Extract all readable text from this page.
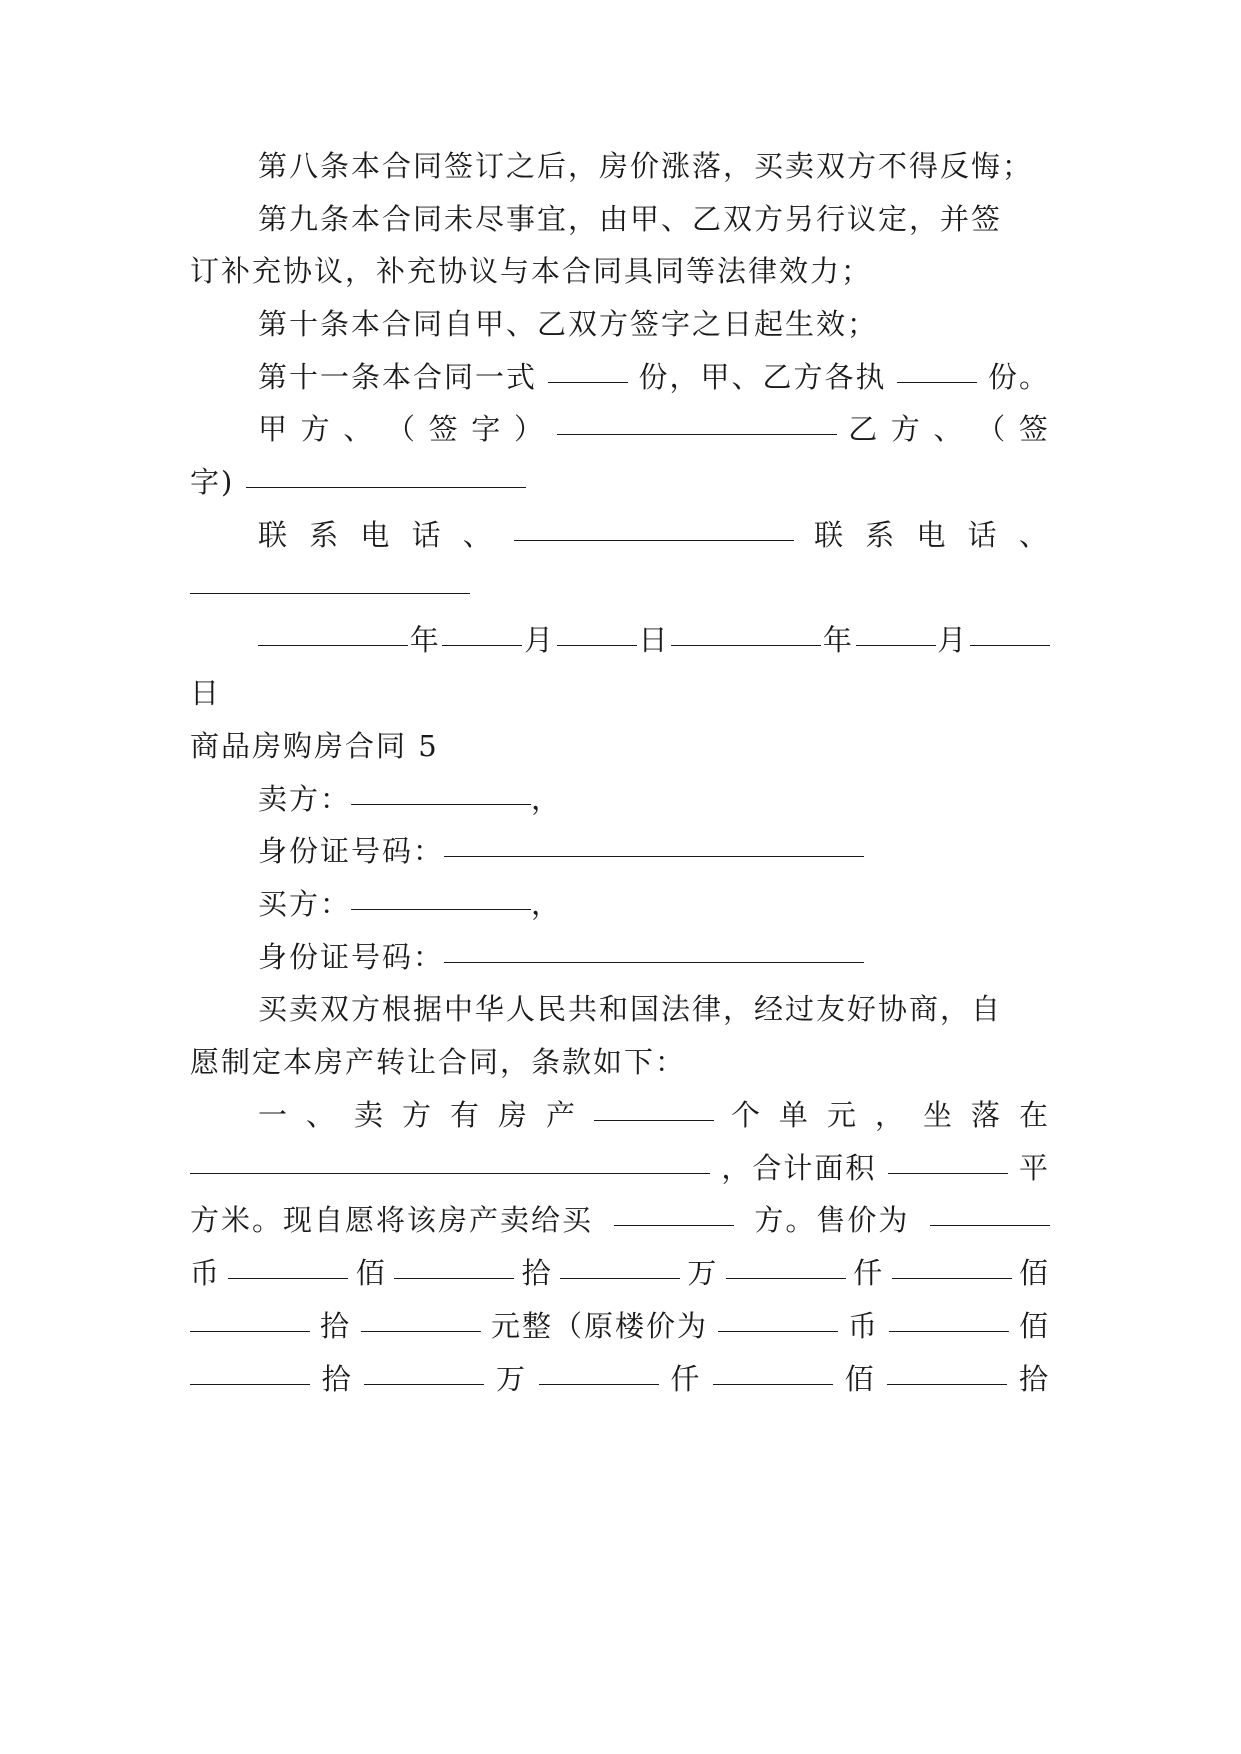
第八条本合同签订之后，房价涨落，买卖双方不得反悔；
第九条本合同未尽事宜，由甲、乙双方另行议定，并签
订补充协议，补充协议与本合同具同等法律效力；
第十条本合同自甲、乙双方签字之日起生效；
第十一条本合同一式	份，甲、乙方各执	份。
甲 方 、 （ 签 字 ）	乙 方 、 （ 签
字)
联 系 电 话 、	联 系 电 话 、
年	月	日	年	月
日
商品房购房合同 5
卖方：	，
身份证号码：
买方：	，
身份证号码：
买卖双方根据中华人民共和国法律，经过友好协商，自
愿制定本房产转让合同，条款如下：
一 、 卖 方 有 房 产	个 单 元 ， 坐 落 在
，合计面积	平
方米。现自愿将该房产卖给买	方。售价为
币	佰	拾	万	仟	佰
拾	元整（原楼价为	币	佰
拾	万	仟	佰	拾
